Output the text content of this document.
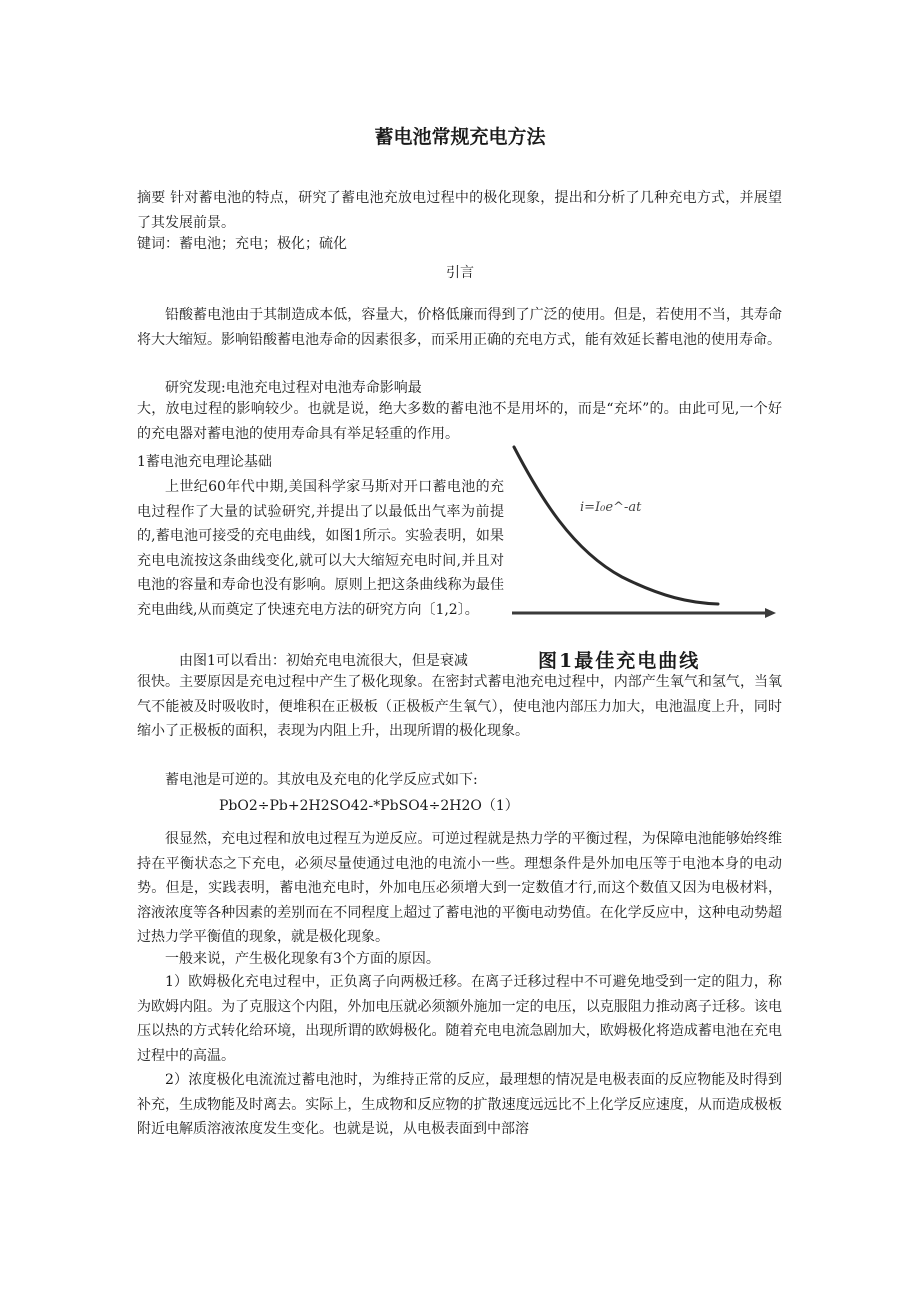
蓄电池常规充电方法
摘要 针对蓄电池的特点，研究了蓄电池充放电过程中的极化现象，提出和分析了几种充电方式，并展望了其发展前景。
键词：蓄电池；充电；极化；硫化
引言
铅酸蓄电池由于其制造成本低，容量大，价格低廉而得到了广泛的使用。但是，若使用不当，其寿命将大大缩短。影响铅酸蓄电池寿命的因素很多，而采用正确的充电方式，能有效延长蓄电池的使用寿命。
研究发现:电池充电过程对电池寿命影响最
大，放电过程的影响较少。也就是说，绝大多数的蓄电池不是用坏的，而是“充坏”的。由此可见,一个好的充电器对蓄电池的使用寿命具有举足轻重的作用。
1蓄电池充电理论基础
上世纪60年代中期,美国科学家马斯对开口蓄电池的充电过程作了大量的试验研究,并提出了以最低出气率为前提的,蓄电池可接受的充电曲线，如图1所示。实验表明，如果充电电流按这条曲线变化,就可以大大缩短充电时间,并且对电池的容量和寿命也没有影响。原则上把这条曲线称为最佳充电曲线,从而奠定了快速充电方法的研究方向〔1,2〕。
i=I₀e^-at
图1最佳充电曲线
由图1可以看出：初始充电电流很大，但是衰减
很快。主要原因是充电过程中产生了极化现象。在密封式蓄电池充电过程中，内部产生氧气和氢气，当氧气不能被及时吸收时，便堆积在正极板（正极板产生氧气），使电池内部压力加大，电池温度上升，同时缩小了正极板的面积，表现为内阻上升，出现所谓的极化现象。
蓄电池是可逆的。其放电及充电的化学反应式如下:
PbO2÷Pb+2H2SO42-*PbSO4÷2H2O（1）
很显然，充电过程和放电过程互为逆反应。可逆过程就是热力学的平衡过程，为保障电池能够始终维持在平衡状态之下充电，必须尽量使通过电池的电流小一些。理想条件是外加电压等于电池本身的电动势。但是，实践表明，蓄电池充电时，外加电压必须增大到一定数值才行,而这个数值又因为电极材料，溶液浓度等各种因素的差别而在不同程度上超过了蓄电池的平衡电动势值。在化学反应中，这种电动势超过热力学平衡值的现象，就是极化现象。
一般来说，产生极化现象有3个方面的原因。
1）欧姆极化充电过程中，正负离子向两极迁移。在离子迁移过程中不可避免地受到一定的阻力，称为欧姆内阻。为了克服这个内阻，外加电压就必须额外施加一定的电压，以克服阻力推动离子迁移。该电压以热的方式转化给环境，出现所谓的欧姆极化。随着充电电流急剧加大，欧姆极化将造成蓄电池在充电过程中的高温。
2）浓度极化电流流过蓄电池时，为维持正常的反应，最理想的情况是电极表面的反应物能及时得到补充，生成物能及时离去。实际上，生成物和反应物的扩散速度远远比不上化学反应速度，从而造成极板附近电解质溶液浓度发生变化。也就是说，从电极表面到中部溶
